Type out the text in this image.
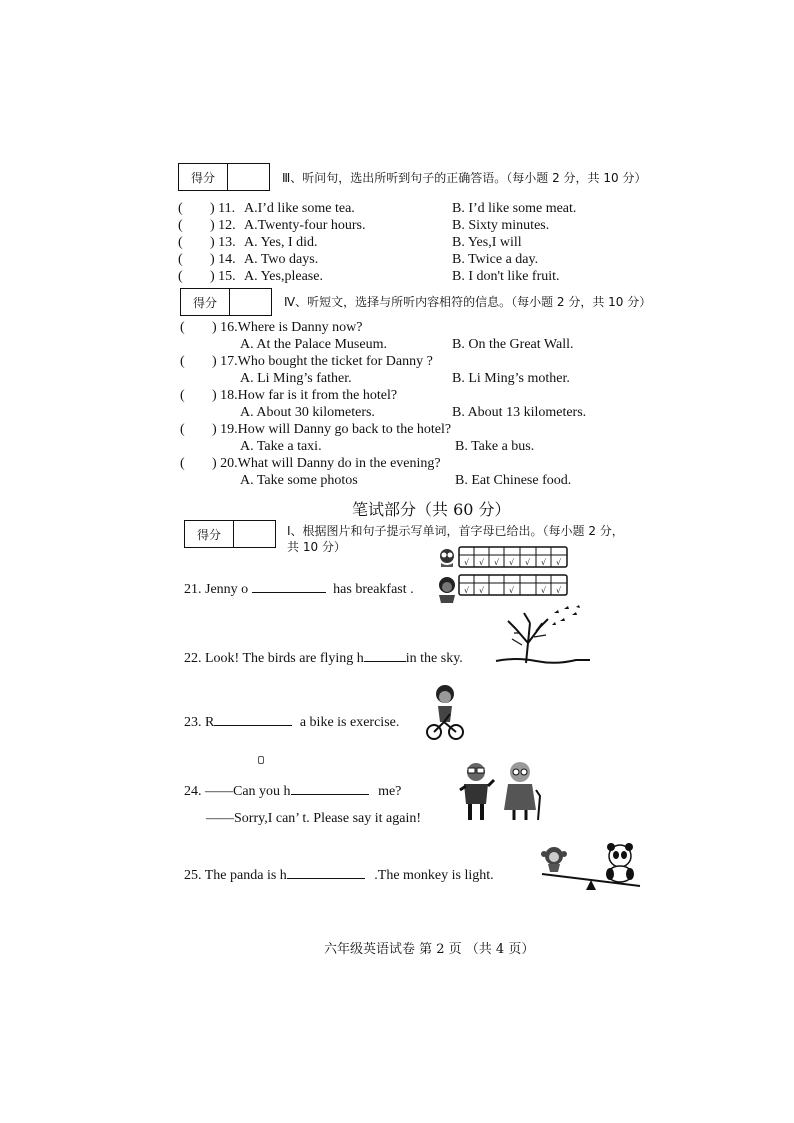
得分	Ⅲ、听问句，选出所听到句子的正确答语。（每小题 2 分，共 10 分）
( ) 11. A.I’d like some tea.	B. I’d like some meat.
( ) 12. A.Twenty-four hours.	B. Sixty minutes.
( ) 13. A. Yes, I did.	B. Yes,I will
( ) 14. A. Two days.	B. Twice a day.
( ) 15. A. Yes,please.	B. I don't like fruit.
得分	Ⅳ、听短文，选择与所听内容相符的信息。（每小题 2 分，共 10 分）
( ) 16.Where is Danny now?
A. At the Palace Museum.	B. On the Great Wall.
( ) 17.Who bought the ticket for Danny ?
A. Li Ming’s father.	B. Li Ming’s mother.
( ) 18.How far is it from the hotel?
A. About 30 kilometers.	B. About 13 kilometers.
( ) 19.How will Danny go back to the hotel?
A. Take a taxi.	B. Take a bus.
( ) 20.What will Danny do in the evening?
A. Take some photos	B. Eat Chinese food.
笔试部分（共 60 分）
得分	Ⅰ、根据图片和句子提示写单词，首字母已给出。（每小题 2 分，
共 10 分）
21. Jenny o	has breakfast .
√ √ √ √ √ √ √
√ √	√	√ √
22. Look! The birds are flying h	in the sky.
23. R	a bike is exercise.
24. ——Can you h	me?
——Sorry,I can’ t. Please say it again!
25. The panda is h	.The monkey is light.
六年级英语试卷 第 2 页 （共 4 页）
